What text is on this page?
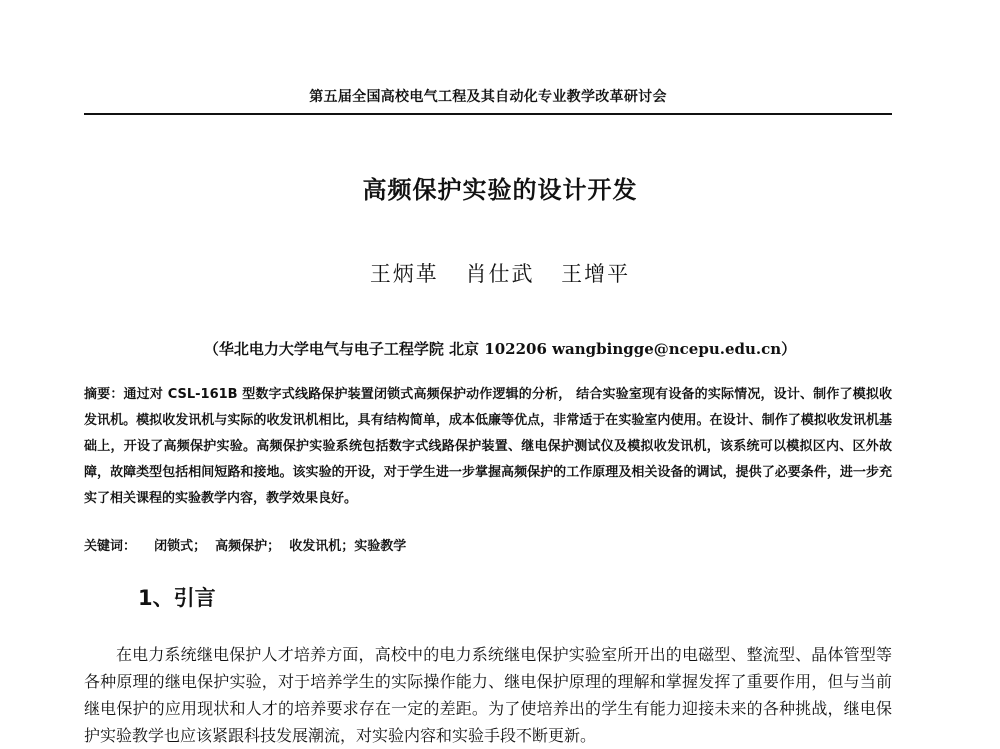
第五届全国高校电气工程及其自动化专业教学改革研讨会
高频保护实验的设计开发
王炳革 肖仕武 王增平
（华北电力大学电气与电子工程学院 北京 102206 wangbingge@ncepu.edu.cn）
摘要：通过对 CSL-161B 型数字式线路保护装置闭锁式高频保护动作逻辑的分析， 结合实验室现有设备的实际情况，设计、制作了模拟收发讯机。模拟收发讯机与实际的收发讯机相比，具有结构简单，成本低廉等优点，非常适于在实验室内使用。在设计、制作了模拟收发讯机基础上，开设了高频保护实验。高频保护实验系统包括数字式线路保护装置、继电保护测试仪及模拟收发讯机，该系统可以模拟区内、区外故障，故障类型包括相间短路和接地。该实验的开设，对于学生进一步掌握高频保护的工作原理及相关设备的调试，提供了必要条件，进一步充实了相关课程的实验教学内容，教学效果良好。
关键词： 闭锁式；  高频保护；  收发讯机；实验教学
1、引言
在电力系统继电保护人才培养方面，高校中的电力系统继电保护实验室所开出的电磁型、整流型、晶体管型等各种原理的继电保护实验，对于培养学生的实际操作能力、继电保护原理的理解和掌握发挥了重要作用，但与当前继电保护的应用现状和人才的培养要求存在一定的差距。为了使培养出的学生有能力迎接未来的各种挑战，继电保护实验教学也应该紧跟科技发展潮流，对实验内容和实验手段不断更新。
